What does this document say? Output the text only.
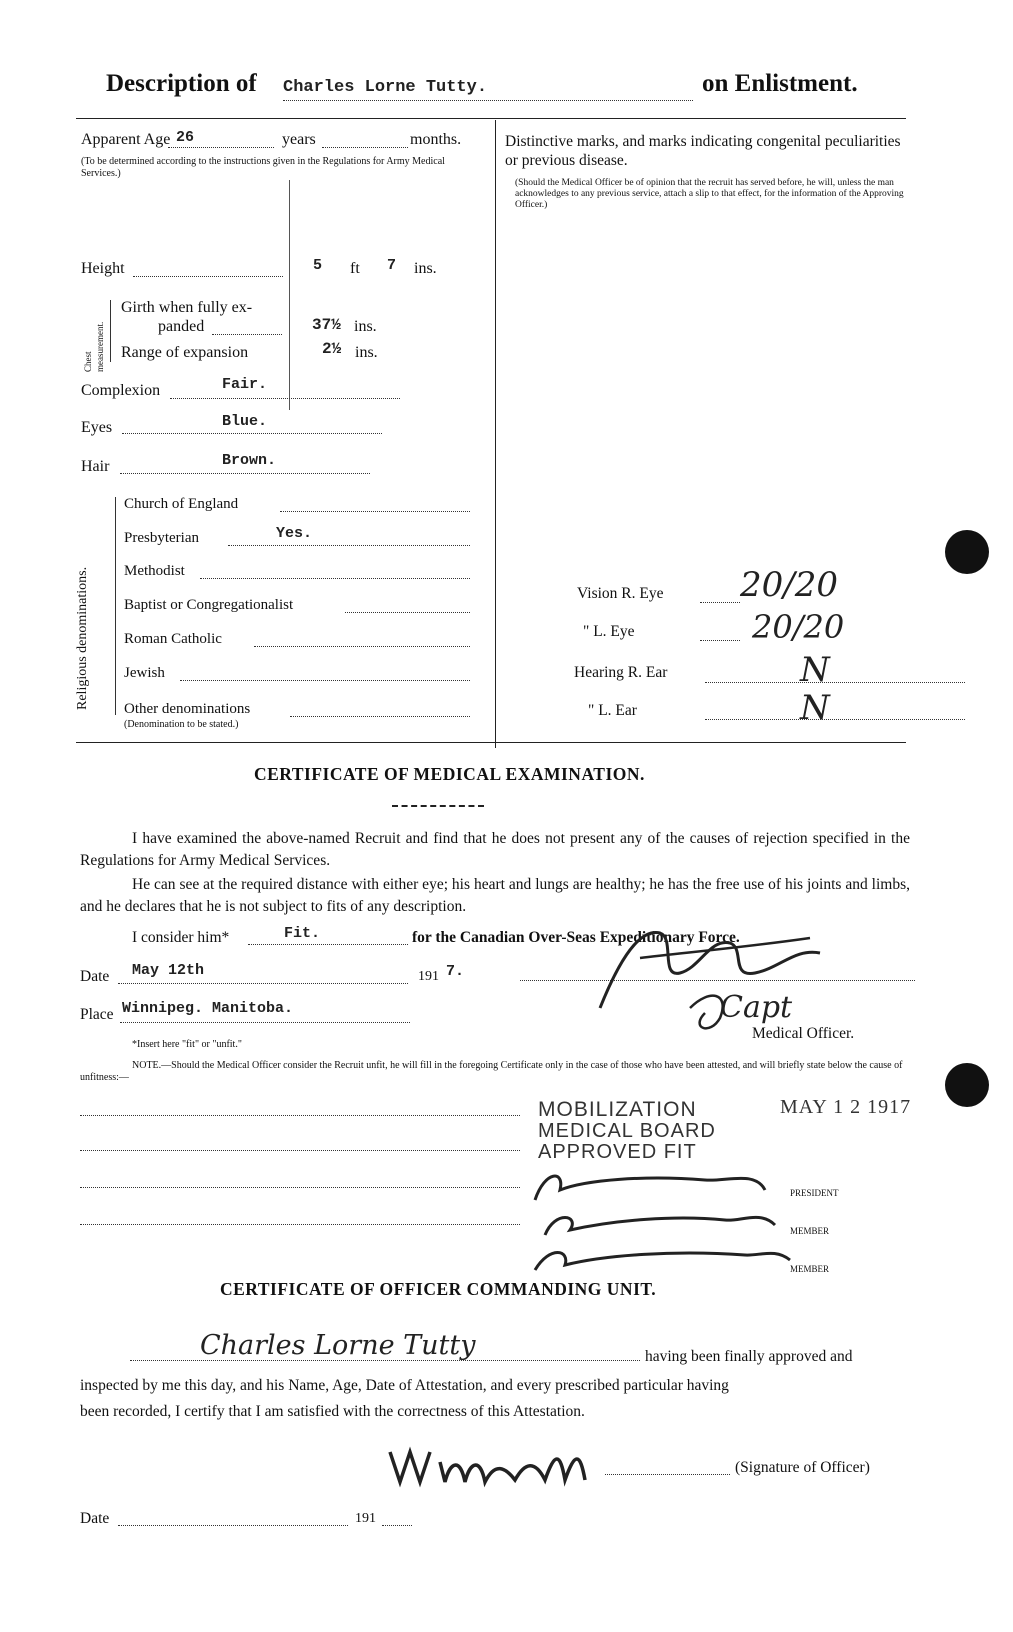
Description of Charles Lorne Tutty.	on Enlistment.
Apparent Age 26	years	months.
(To be determined according to the instructions given in the Regulations for Army Medical Services.)
Height	5 ft 7 ins.
Chest measurement.
Girth when fully ex-
panded	37½ ins.
Range of expansion	2½ ins.
Complexion	Fair.
Eyes	Blue.
Hair	Brown.
Religious denominations.
Church of England
Presbyterian	Yes.
Methodist
Baptist or Congregationalist
Roman Catholic
Jewish
Other denominations
(Denomination to be stated.)
Distinctive marks, and marks indicating congenital peculiarities or previous disease.
(Should the Medical Officer be of opinion that the recruit has served before, he will, unless the man acknowledges to any previous service, attach a slip to that effect, for the information of the Approving Officer.)
Vision R. Eye 20/20
" L. Eye	20/20
Hearing R. Ear	N
" L. Ear	N
CERTIFICATE OF MEDICAL EXAMINATION.
I have examined the above-named Recruit and find that he does not present any of the causes of rejection specified in the Regulations for Army Medical Services.
He can see at the required distance with either eye; his heart and lungs are healthy; he has the free use of his joints and limbs, and he declares that he is not subject to fits of any description.
I consider him*	Fit.	for the Canadian Over-Seas Expeditionary Force.
Date May 12th	191 7.
Place Winnipeg. Manitoba.
*Insert here "fit" or "unfit."
Capt
Medical Officer.
NOTE.—Should the Medical Officer consider the Recruit unfit, he will fill in the foregoing Certificate only in the case of those who have been attested, and will briefly state below the cause of unfitness:—
MOBILIZATION
MEDICAL BOARD
APPROVED FIT
MAY 1 2 1917
PRESIDENT
MEMBER
MEMBER
CERTIFICATE OF OFFICER COMMANDING UNIT.
Charles Lorne Tutty	having been finally approved and
inspected by me this day, and his Name, Age, Date of Attestation, and every prescribed particular having
been recorded, I certify that I am satisfied with the correctness of this Attestation.
(Signature of Officer)
Date	191
